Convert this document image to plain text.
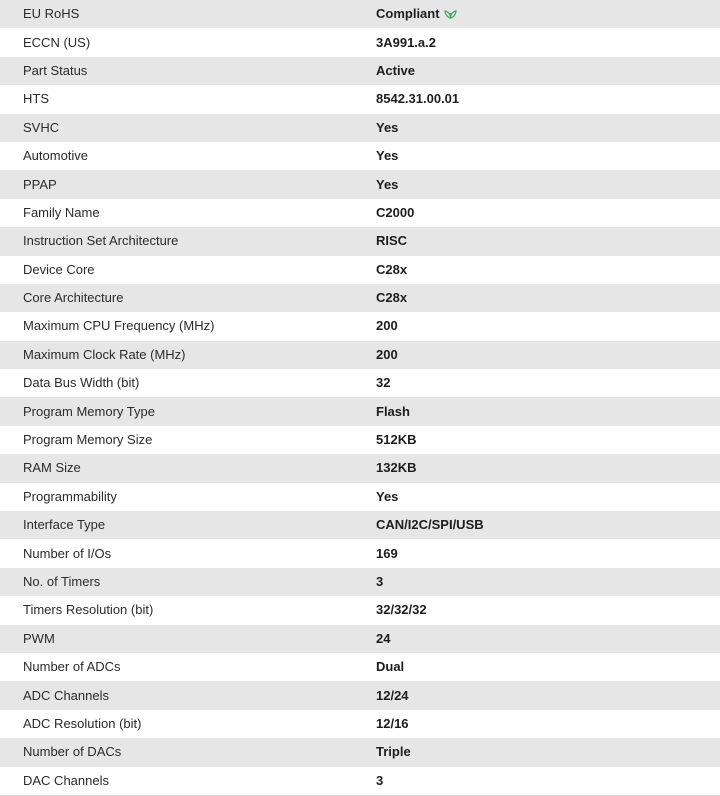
EU RoHS	Compliant
ECCN (US)	3A991.a.2
Part Status	Active
HTS	8542.31.00.01
SVHC	Yes
Automotive	Yes
PPAP	Yes
Family Name	C2000
Instruction Set Architecture	RISC
Device Core	C28x
Core Architecture	C28x
Maximum CPU Frequency (MHz)	200
Maximum Clock Rate (MHz)	200
Data Bus Width (bit)	32
Program Memory Type	Flash
Program Memory Size	512KB
RAM Size	132KB
Programmability	Yes
Interface Type	CAN/I2C/SPI/USB
Number of I/Os	169
No. of Timers	3
Timers Resolution (bit)	32/32/32
PWM	24
Number of ADCs	Dual
ADC Channels	12/24
ADC Resolution (bit)	12/16
Number of DACs	Triple
DAC Channels	3
